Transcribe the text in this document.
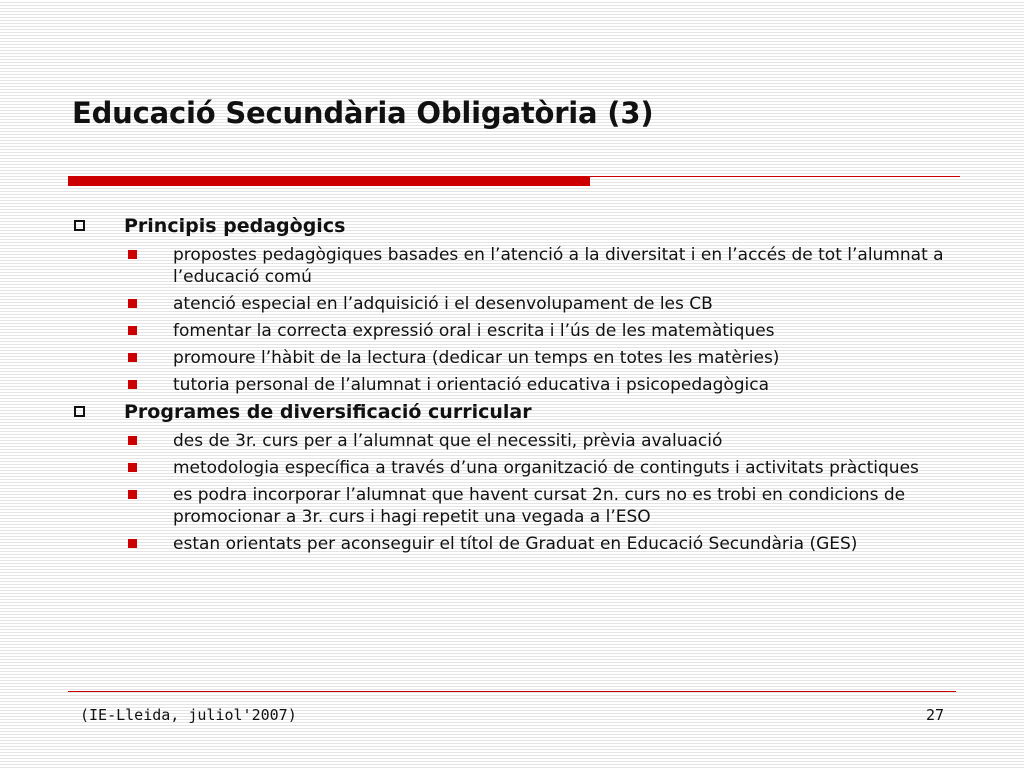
Educació Secundària Obligatòria (3)
Principis pedagògics
propostes pedagògiques basades en l’atenció a la diversitat i en l’accés de tot l’alumnat a l’educació comú
atenció especial en l’adquisició i el desenvolupament de les CB
fomentar la correcta expressió oral i escrita i l’ús de les matemàtiques
promoure l’hàbit de la lectura (dedicar un temps en totes les matèries)
tutoria personal de l’alumnat i orientació educativa i psicopedagògica
Programes de diversificació curricular
des de 3r. curs per a l’alumnat que el necessiti, prèvia avaluació
metodologia específica a través d’una organització de continguts i activitats pràctiques
es podra incorporar l’alumnat que havent cursat 2n. curs no es trobi en condicions de promocionar a 3r. curs i hagi repetit una vegada a l’ESO
estan orientats per aconseguir el títol de Graduat en Educació Secundària (GES)
(IE-Lleida, juliol'2007)	27
